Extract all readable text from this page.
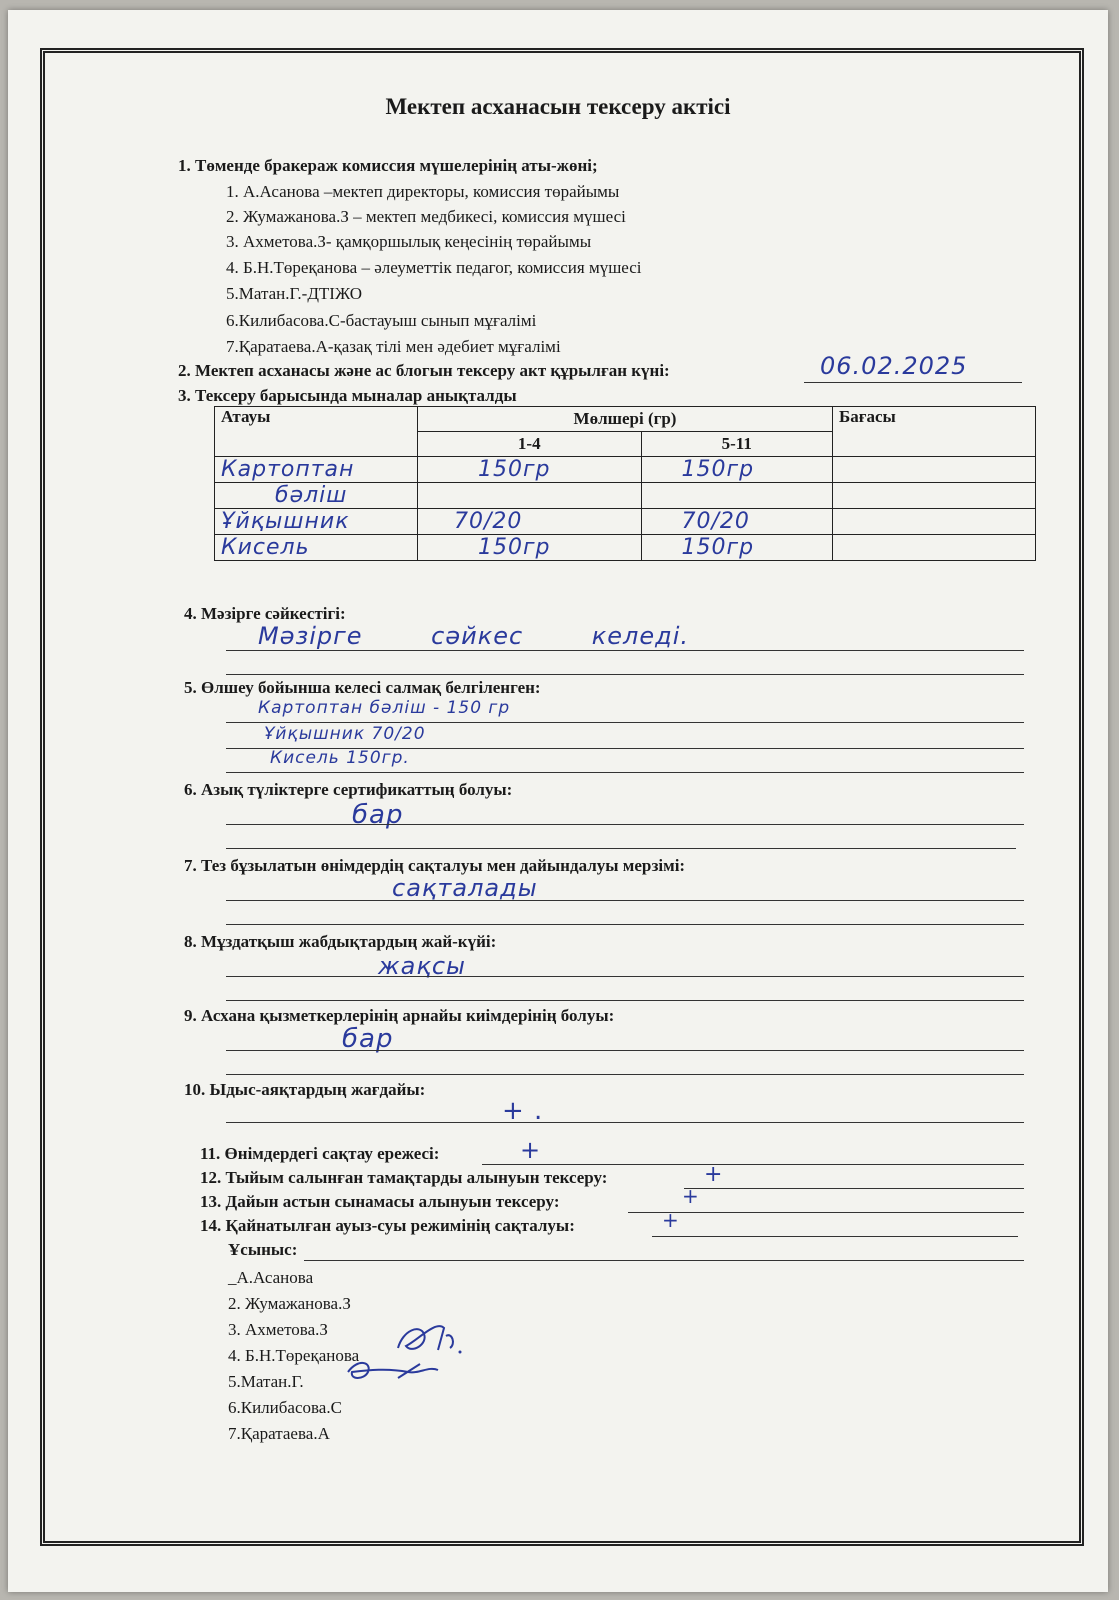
Мектеп асханасын тексеру актісі
1. Төменде бракераж комиссия мүшелерінің аты-жөні;
1. А.Асанова –мектеп директоры, комиссия төрайымы
2. Жумажанова.З – мектеп медбикесі, комиссия мүшесі
3. Ахметова.З- қамқоршылық кеңесінің төрайымы
4. Б.Н.Төреқанова – әлеуметтік педагог, комиссия мүшесі
5.Матан.Г.-ДТІЖО
6.Килибасова.С-бастауыш сынып мұғалімі
7.Қаратаева.А-қазақ тілі мен әдебиет мұғалімі
2. Мектеп асханасы және ас блогын тексеру акт құрылған күні:	06.02.2025
3. Тексеру барысында мыналар анықталды
Атауы	Мөлшері (гр)		Бағасы
	1-4	5-11	
Картоптан	150гр	150гр	
бәліш			
Ұйқышник	70/20	70/20	
Кисель	150гр	150гр	
4. Мәзірге сәйкестігі:
Мәзірге сәйкес келеді.
5. Өлшеу бойынша келесі салмақ белгіленген:
Картоптан бәліш - 150 гр
Ұйқышник 70/20
Кисель 150гр.
6. Азық түліктерге сертификаттың болуы:
бар
7. Тез бұзылатын өнімдердің сақталуы мен дайындалуы мерзімі:
сақталады
8. Мұздатқыш жабдықтардың жай-күйі:
жақсы
9. Асхана қызметкерлерінің арнайы киімдерінің болуы:
бар
10. Ыдыс-аяқтардың жағдайы:
+ .
11. Өнімдердегі сақтау ережесі:	+
12. Тыйым салынған тамақтарды алынуын тексеру:	+
13. Дайын астын сынамасы алынуын тексеру:	+
14. Қайнатылған ауыз-суы режимінің сақталуы:	+
Ұсыныс:
_А.Асанова
2. Жумажанова.З
3. Ахметова.З
4. Б.Н.Төреқанова
5.Матан.Г.
6.Килибасова.С
7.Қаратаева.А
